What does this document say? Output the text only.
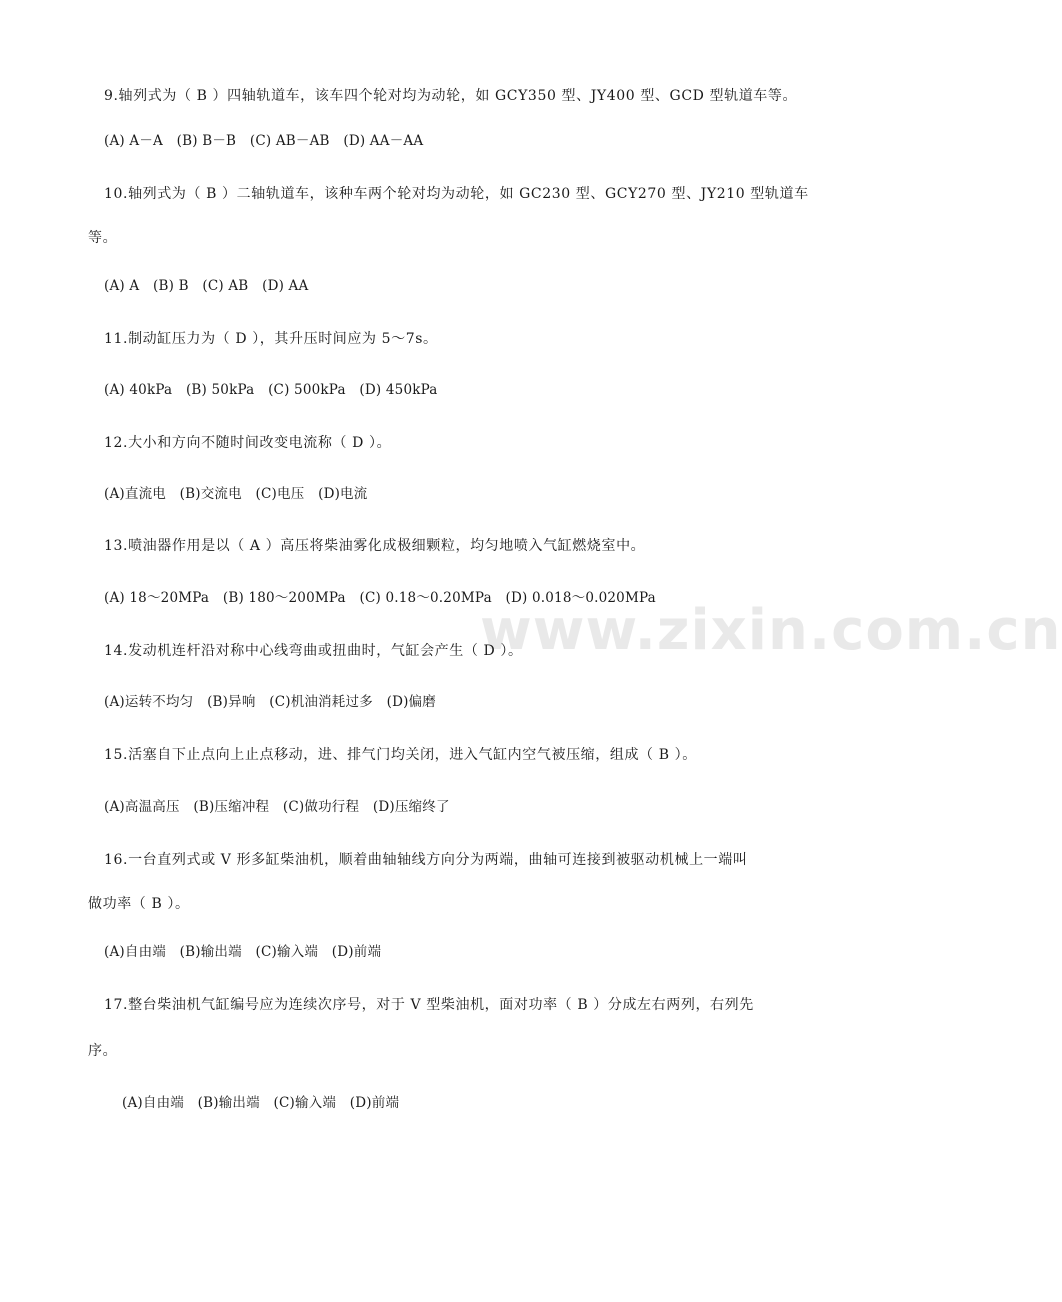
www.zixin.com.cn
9.轴列式为（ B ）四轴轨道车，该车四个轮对均为动轮，如 GCY350 型、JY400 型、GCD 型轨道车等。
(A) A－A　(B) B－B　(C) AB－AB　(D) AA－AA
10.轴列式为（ B ）二轴轨道车，该种车两个轮对均为动轮，如 GC230 型、GCY270 型、JY210 型轨道车
等。
(A) A　(B) B　(C) AB　(D) AA
11.制动缸压力为（ D ），其升压时间应为 5～7s。
(A) 40kPa　(B) 50kPa　(C) 500kPa　(D) 450kPa
12.大小和方向不随时间改变电流称（ D ）。
(A)直流电　(B)交流电　(C)电压　(D)电流
13.喷油器作用是以（ A ）高压将柴油雾化成极细颗粒，均匀地喷入气缸燃烧室中。
(A) 18～20MPa　(B) 180～200MPa　(C) 0.18～0.20MPa　(D) 0.018～0.020MPa
14.发动机连杆沿对称中心线弯曲或扭曲时，气缸会产生（ D ）。
(A)运转不均匀　(B)异响　(C)机油消耗过多　(D)偏磨
15.活塞自下止点向上止点移动，进、排气门均关闭，进入气缸内空气被压缩，组成（ B ）。
(A)高温高压　(B)压缩冲程　(C)做功行程　(D)压缩终了
16.一台直列式或 V 形多缸柴油机，顺着曲轴轴线方向分为两端，曲轴可连接到被驱动机械上一端叫
做功率（ B ）。
(A)自由端　(B)输出端　(C)输入端　(D)前端
17.整台柴油机气缸编号应为连续次序号，对于 V 型柴油机，面对功率（ B ）分成左右两列，右列先
序。
(A)自由端　(B)输出端　(C)输入端　(D)前端
